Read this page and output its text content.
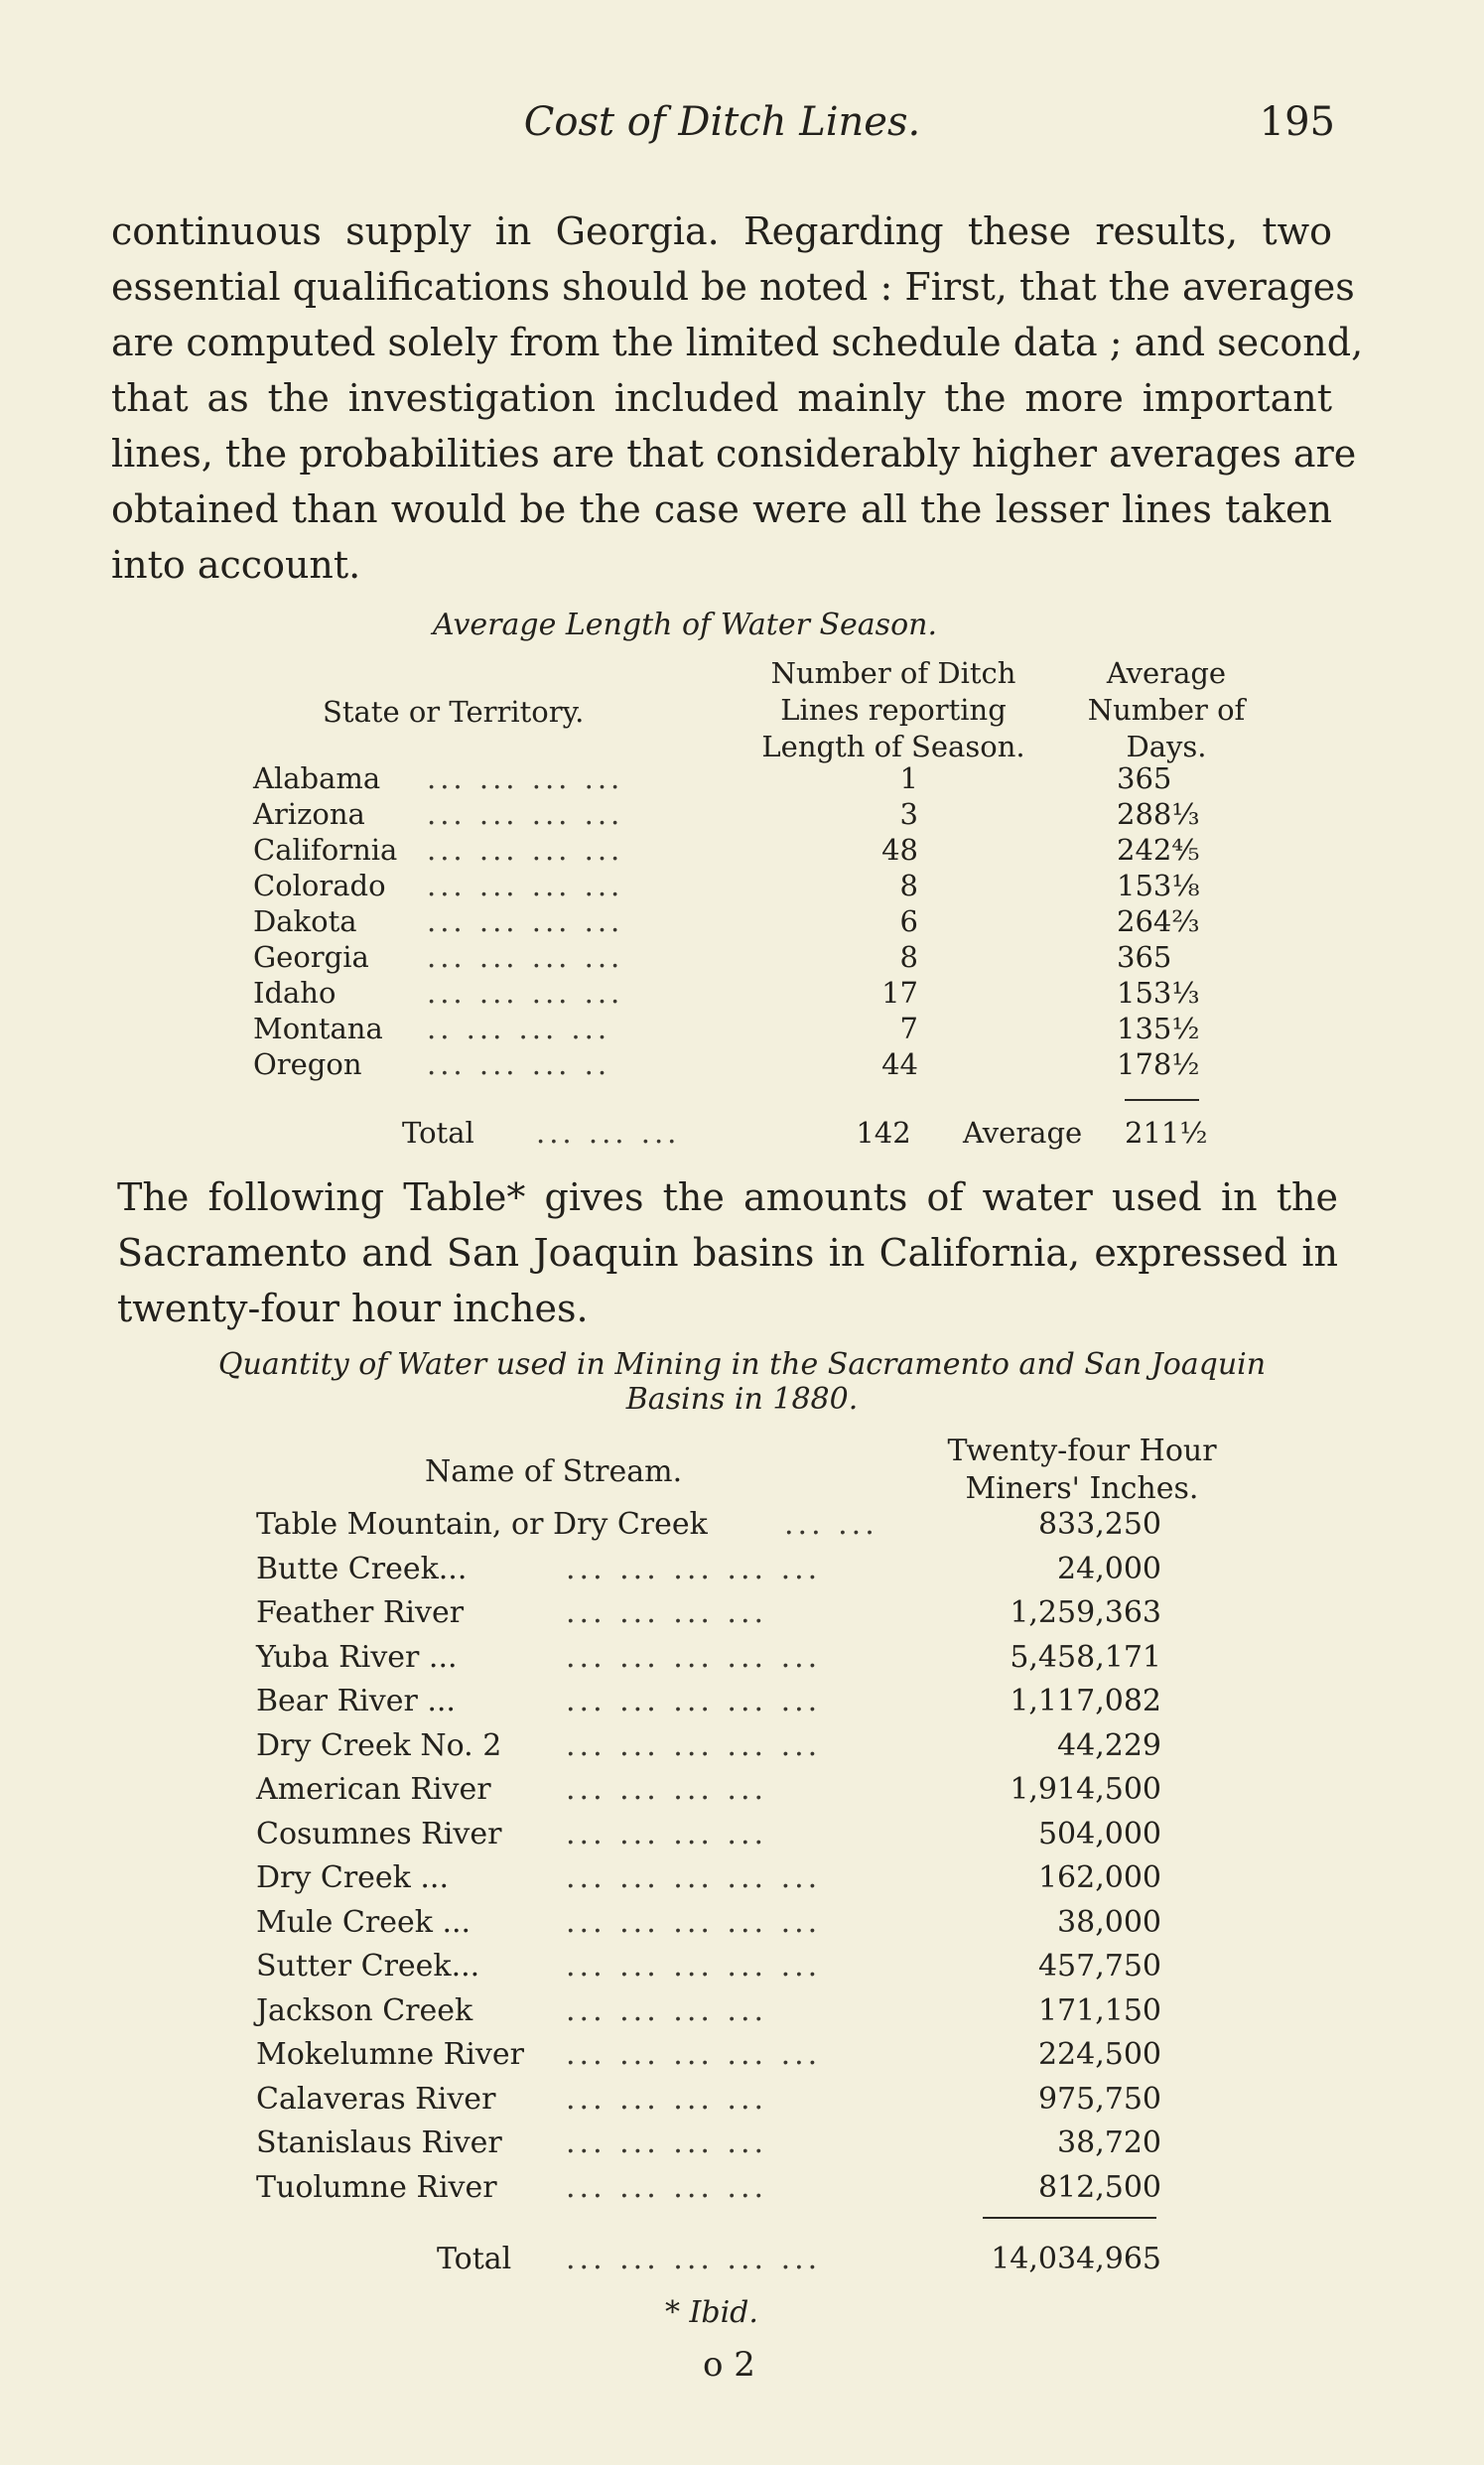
Cost of Ditch Lines.	195
continuous supply in Georgia. Regarding these results, two
essential qualifications should be noted : First, that the averages
are computed solely from the limited schedule data ; and second,
that as the investigation included mainly the more important
lines, the probabilities are that considerably higher averages are
obtained than would be the case were all the lesser lines taken
into account.
Average Length of Water Season.
State or Territory.
Number of Ditch
Lines reporting
Length of Season.
Average
Number of
Days.
Alabama ... ... ... ...	1	365
Arizona ... ... ... ...	3	288⅓
California ... ... ... ...	48	242⅘
Colorado ... ... ... ...	8	153⅛
Dakota ... ... ... ...	6	264⅔
Georgia ... ... ... ...	8	365
Idaho	... ... ... ...	17	153⅓
Montana .. ... ... ...	7	135½
Oregon ... ... ... ..	44	178½
Total ... ... ...	142 Average 211½
The following Table* gives the amounts of water used in the
Sacramento and San Joaquin basins in California, expressed in
twenty-four hour inches.
Quantity of Water used in Mining in the Sacramento and San Joaquin
Basins in 1880.
Name of Stream.
Twenty-four Hour
Miners' Inches.
Table Mountain, or Dry Creek	... ...	833,250
Butte Creek...	... ... ... ... ...	24,000
Feather River	... ... ... ...	1,259,363
Yuba River ...	... ... ... ... ...	5,458,171
Bear River ...	... ... ... ... ...	1,117,082
Dry Creek No. 2 ... ... ... ... ...	44,229
American River	... ... ... ...	1,914,500
Cosumnes River ... ... ... ...	504,000
Dry Creek ...	... ... ... ... ...	162,000
Mule Creek ...	... ... ... ... ...	38,000
Sutter Creek...	... ... ... ... ...	457,750
Jackson Creek	... ... ... ...	171,150
Mokelumne River ... ... ... ... ...	224,500
Calaveras River ... ... ... ...	975,750
Stanislaus River ... ... ... ...	38,720
Tuolumne River ... ... ... ...	812,500
Total ... ... ... ... ...	14,034,965
* Ibid.
o 2
